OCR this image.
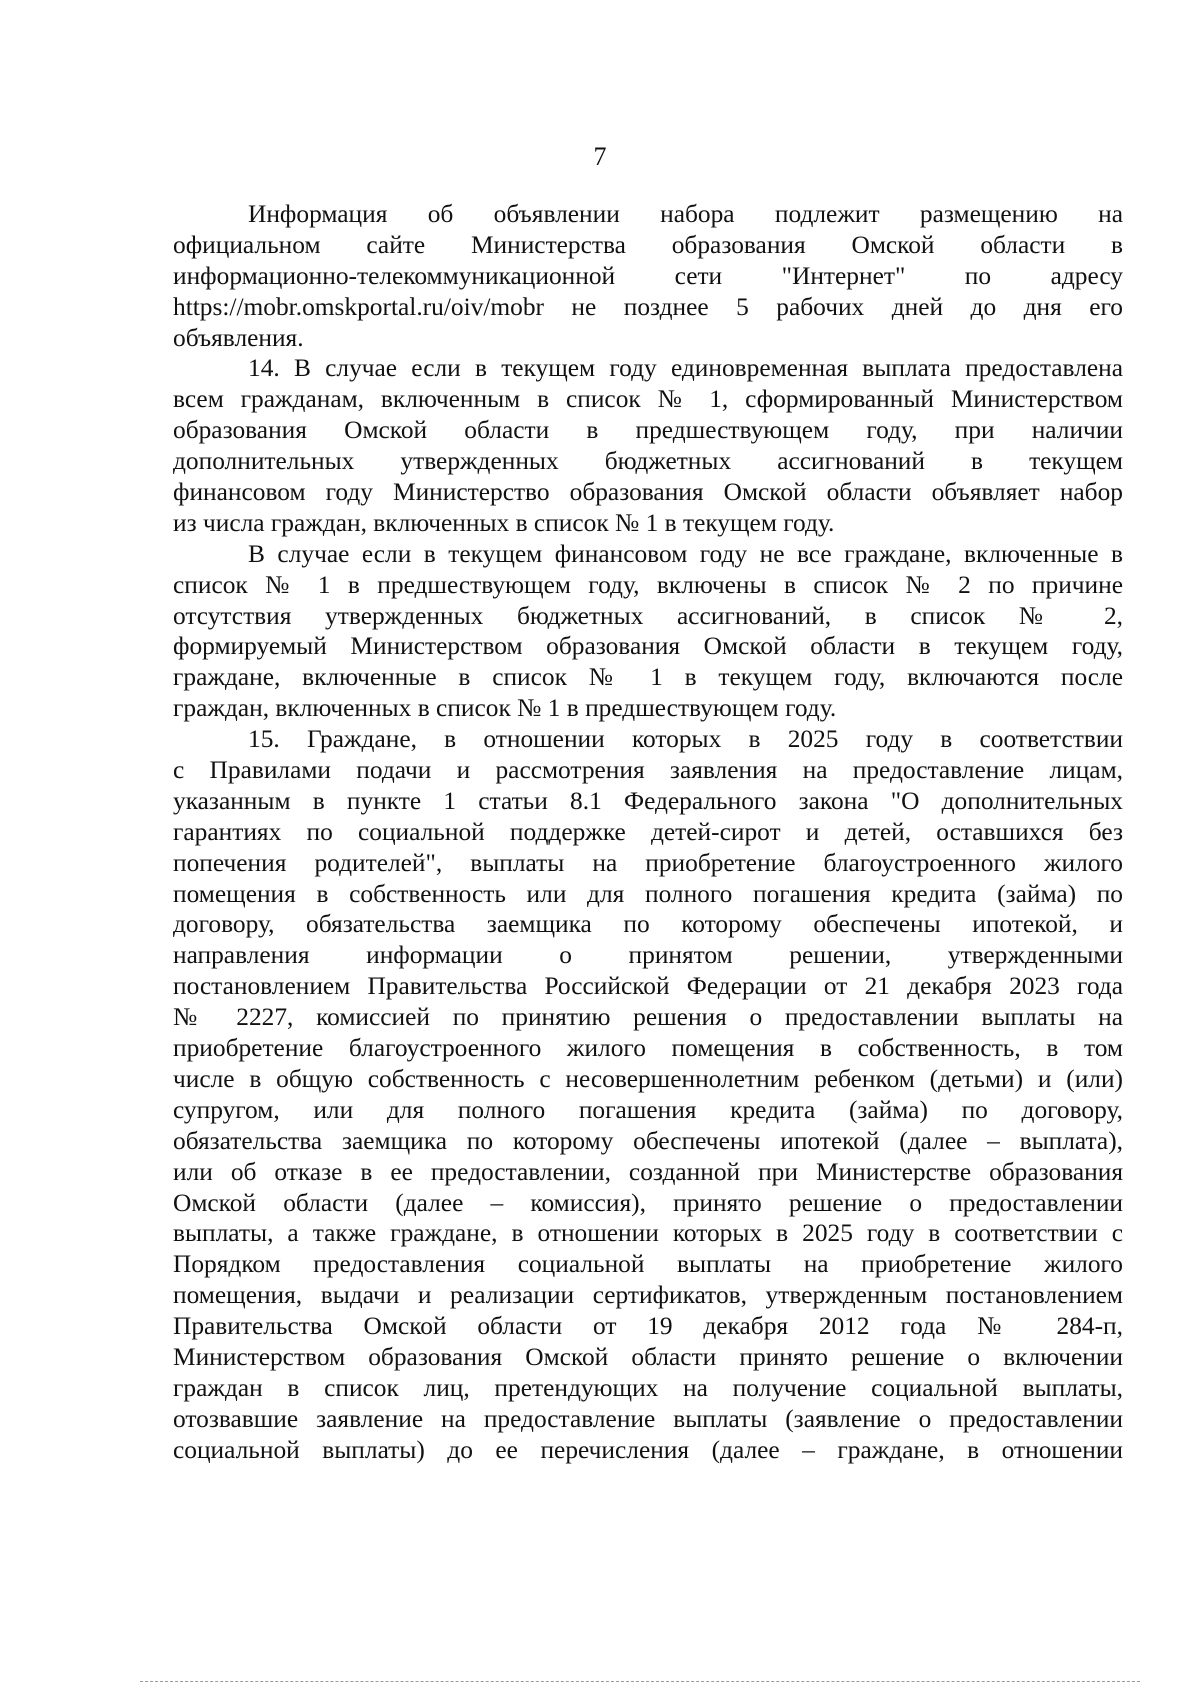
7
Информация об объявлении набора подлежит размещению на
официальном сайте Министерства образования Омской области в
информационно-телекоммуникационной сети "Интернет" по адресу
https://mobr.omskportal.ru/oiv/mobr не позднее 5 рабочих дней до дня его
объявления.
14. В случае если в текущем году единовременная выплата предоставлена
всем гражданам, включенным в список № 1, сформированный Министерством
образования Омской области в предшествующем году, при наличии
дополнительных утвержденных бюджетных ассигнований в текущем
финансовом году Министерство образования Омской области объявляет набор
из числа граждан, включенных в список № 1 в текущем году.
В случае если в текущем финансовом году не все граждане, включенные в
список № 1 в предшествующем году, включены в список № 2 по причине
отсутствия утвержденных бюджетных ассигнований, в список № 2,
формируемый Министерством образования Омской области в текущем году,
граждане, включенные в список № 1 в текущем году, включаются после
граждан, включенных в список № 1 в предшествующем году.
15. Граждане, в отношении которых в 2025 году в соответствии
с Правилами подачи и рассмотрения заявления на предоставление лицам,
указанным в пункте 1 статьи 8.1 Федерального закона "О дополнительных
гарантиях по социальной поддержке детей-сирот и детей, оставшихся без
попечения родителей", выплаты на приобретение благоустроенного жилого
помещения в собственность или для полного погашения кредита (займа) по
договору, обязательства заемщика по которому обеспечены ипотекой, и
направления информации о принятом решении, утвержденными
постановлением Правительства Российской Федерации от 21 декабря 2023 года
№ 2227, комиссией по принятию решения о предоставлении выплаты на
приобретение благоустроенного жилого помещения в собственность, в том
числе в общую собственность с несовершеннолетним ребенком (детьми) и (или)
супругом, или для полного погашения кредита (займа) по договору,
обязательства заемщика по которому обеспечены ипотекой (далее – выплата),
или об отказе в ее предоставлении, созданной при Министерстве образования
Омской области (далее – комиссия), принято решение о предоставлении
выплаты, а также граждане, в отношении которых в 2025 году в соответствии с
Порядком предоставления социальной выплаты на приобретение жилого
помещения, выдачи и реализации сертификатов, утвержденным постановлением
Правительства Омской области от 19 декабря 2012 года № 284-п,
Министерством образования Омской области принято решение о включении
граждан в список лиц, претендующих на получение социальной выплаты,
отозвавшие заявление на предоставление выплаты (заявление о предоставлении
социальной выплаты) до ее перечисления (далее – граждане, в отношении
